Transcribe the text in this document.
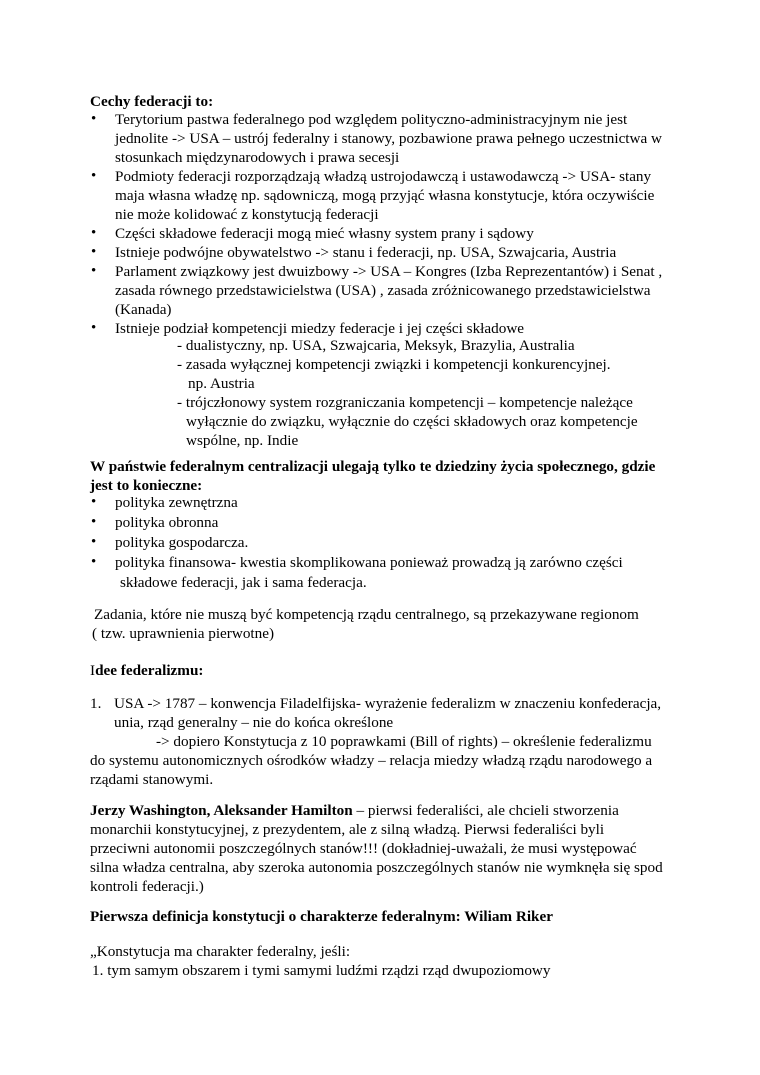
Cechy federacji to:

• Terytorium pastwa federalnego pod względem polityczno-administracyjnym nie jest
jednolite -> USA – ustrój federalny i stanowy, pozbawione prawa pełnego uczestnictwa w
stosunkach międzynarodowych i prawa secesji
• Podmioty federacji rozporządzają władzą ustrojodawczą i ustawodawczą -> USA- stany
maja własna władzę np. sądowniczą, mogą przyjąć własna konstytucje, która oczywiście
nie może kolidować z konstytucją federacji
• Części składowe federacji mogą mieć własny system prany i sądowy
• Istnieje podwójne obywatelstwo -> stanu i federacji, np. USA, Szwajcaria, Austria
• Parlament związkowy jest dwuizbowy -> USA – Kongres (Izba Reprezentantów) i Senat ,
zasada równego przedstawicielstwa (USA) , zasada zróżnicowanego przedstawicielstwa
(Kanada)
• Istnieje podział kompetencji miedzy federacje i jej części składowe
- dualistyczny, np. USA, Szwajcaria, Meksyk, Brazylia, Australia
- zasada wyłącznej kompetencji związki i kompetencji konkurencyjnej.
np. Austria
- trójczłonowy system rozgraniczania kompetencji – kompetencje należące
wyłącznie do związku, wyłącznie do części składowych oraz kompetencje
wspólne, np. Indie
W państwie federalnym centralizacji ulegają tylko te dziedziny życia społecznego, gdzie
jest to konieczne:
• polityka zewnętrzna
• polityka obronna
• polityka gospodarcza.
• polityka finansowa- kwestia skomplikowana ponieważ prowadzą ją zarówno części
składowe federacji, jak i sama federacja.
Zadania, które nie muszą być kompetencją rządu centralnego, są przekazywane regionom
( tzw. uprawnienia pierwotne)
Idee federalizmu:
1. USA -> 1787 – konwencja Filadelfijska- wyrażenie federalizm w znaczeniu konfederacja,
unia, rząd generalny – nie do końca określone
-> dopiero Konstytucja z 10 poprawkami (Bill of rights) – określenie federalizmu
do systemu autonomicznych ośrodków władzy – relacja miedzy władzą rządu narodowego a
rządami stanowymi.
Jerzy Washington, Aleksander Hamilton – pierwsi federaliści, ale chcieli stworzenia
monarchii konstytucyjnej, z prezydentem, ale z silną władzą. Pierwsi federaliści byli
przeciwni autonomii poszczególnych stanów!!! (dokładniej-uważali, że musi występować
silna władza centralna, aby szeroka autonomia poszczególnych stanów nie wymknęła się spod
kontroli federacji.)

Pierwsza definicja konstytucji o charakterze federalnym: Wiliam Riker

„Konstytucja ma charakter federalny, jeśli:
1. tym samym obszarem i tymi samymi ludźmi rządzi rząd dwupoziomowy
